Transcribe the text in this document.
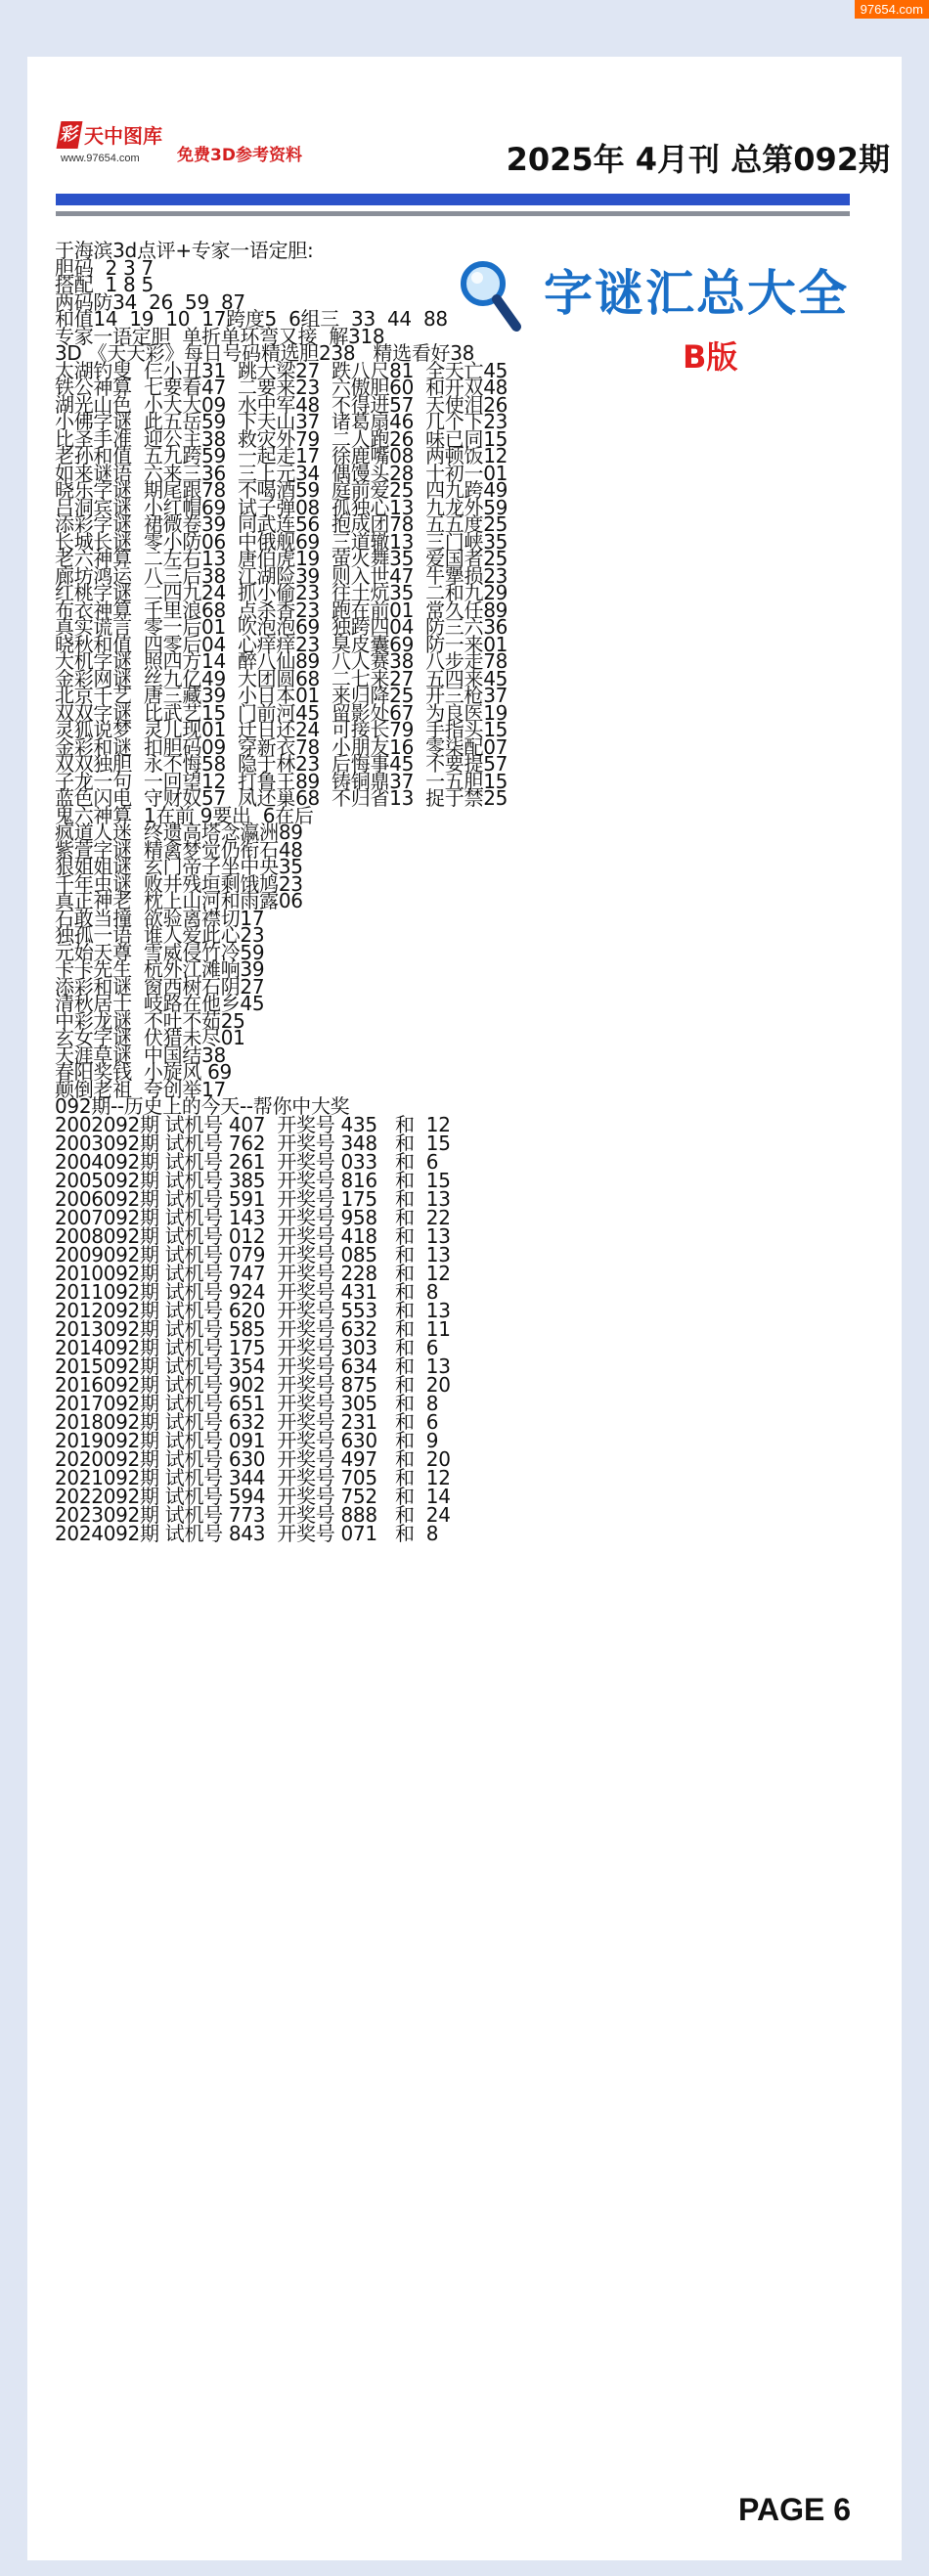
97654.com
彩 天中图库
www.97654.com 免费3D参考资料	2025年 4月刊 总第092期
字谜汇总大全
B版
于海滨3d点评+专家一语定胆:
胆码  2 3 7
搭配  1 8 5
两码防34  26  59  87
和值14  19  10  17跨度5  6组三  33  44  88
专家一语定胆  单折单环弯又接  解318
3D 《天天彩》每日号码精选胆238   精选看好38
太湖钓叟  仨小丑31  跳大梁27  跌八尺81  全天亡45
铁公神算  七要看47  二要来23  六傲胆60  和开双48
湖光山色  小大大09  水中军48  不得进57  天使泪26
小佛字谜  此五岳59  下天山37  诸葛扇46  几个下23
比圣手准  迎公主38  救灾外79  二人跑26  味已同15
老孙和值  五九跨59  一起走17  徐鹿嘴08  两顿饭12
如来谜语  六来三36  三上元34  偶馒头28  十初一01
晓乐字谜  期尾跟78  不喝酒59  庭前爱25  四九跨49
吕洞宾谜  小红帽69  试子弹08  孤独心13  九龙外59
添彩字谜  裙微卷39  同武连56  抱成团78  五五度25
长城长谜  零小防06  中俄舰69  三道辙13  三门峡35
老六神算  二左右13  唐伯虎19  萤火舞35  爱国者25
廊坊鸿运  八三后38  江湖险39  则入世47  牛犟损23
红桃字谜  二四九24  抓小偷23  往土炕35  二和九29
布衣神算  千里浪68  点杀香23  跑在前01  常久任89
真实谎言  零一后01  吹泡泡69  独跨四04  防三六36
晓秋和值  四零后04  心痒痒23  臭皮囊69  防一来01
大机字谜  照四方14  醉八仙89  八人赛38  八步走78
金彩网谜  丝九亿49  大团圆68  二七来27  五四来45
北京千艺  唐三藏39  小日本01  来归降25  开三枪37
双双字谜  比武艺15  门前河45  留影处67  为良医19
灵狐说梦  灵儿现01  迁日还24  可接长79  手指头15
金彩和谜  扣胆码09  穿新衣78  小朋友16  零柒配07
双双独胆  永不悔58  隐于林23  后悔事45  不要提57
子龙一句  一回望12  打鲁王89  铸铜鼎37  一五胆15
蓝色闪电  守财奴57  凤还巢68  不归省13  捉于禁25
鬼六神算  1在前 9要出  6在后
疯道人迷  终遗高塔念瀛洲89
紫萱字谜  精禽梦觉仍衔石48
狠姐姐谜  玄门帝子坐中央35
千年虫谜  败井残垣剩饿鸠23
真正神老  枕上山河和雨露06
石敢当撞  欲验离襟切17
独孤一语  谁人爱此心23
元始天尊  雪威侵竹冷59
卡卡先生  杭外江滩响39
添彩和谜  窗西树石阴27
清秋居士  岐路在他乡45
中彩龙谜  不吐不茹25
玄女字谜  伏猎未尽01
天涯草谜  中国结38
春阳奖钱  小旋风 69
颠倒老祖  夸创举17
092期--历史上的今天--帮你中大奖
2002092期 试机号 407 开奖号 435 和 12
2003092期 试机号 762 开奖号 348 和 15
2004092期 试机号 261 开奖号 033 和 6
2005092期 试机号 385 开奖号 816 和 15
2006092期 试机号 591 开奖号 175 和 13
2007092期 试机号 143 开奖号 958 和 22
2008092期 试机号 012 开奖号 418 和 13
2009092期 试机号 079 开奖号 085 和 13
2010092期 试机号 747 开奖号 228 和 12
2011092期 试机号 924 开奖号 431 和 8
2012092期 试机号 620 开奖号 553 和 13
2013092期 试机号 585 开奖号 632 和 11
2014092期 试机号 175 开奖号 303 和 6
2015092期 试机号 354 开奖号 634 和 13
2016092期 试机号 902 开奖号 875 和 20
2017092期 试机号 651 开奖号 305 和 8
2018092期 试机号 632 开奖号 231 和 6
2019092期 试机号 091 开奖号 630 和 9
2020092期 试机号 630 开奖号 497 和 20
2021092期 试机号 344 开奖号 705 和 12
2022092期 试机号 594 开奖号 752 和 14
2023092期 试机号 773 开奖号 888 和 24
2024092期 试机号 843 开奖号 071 和 8
PAGE 6
